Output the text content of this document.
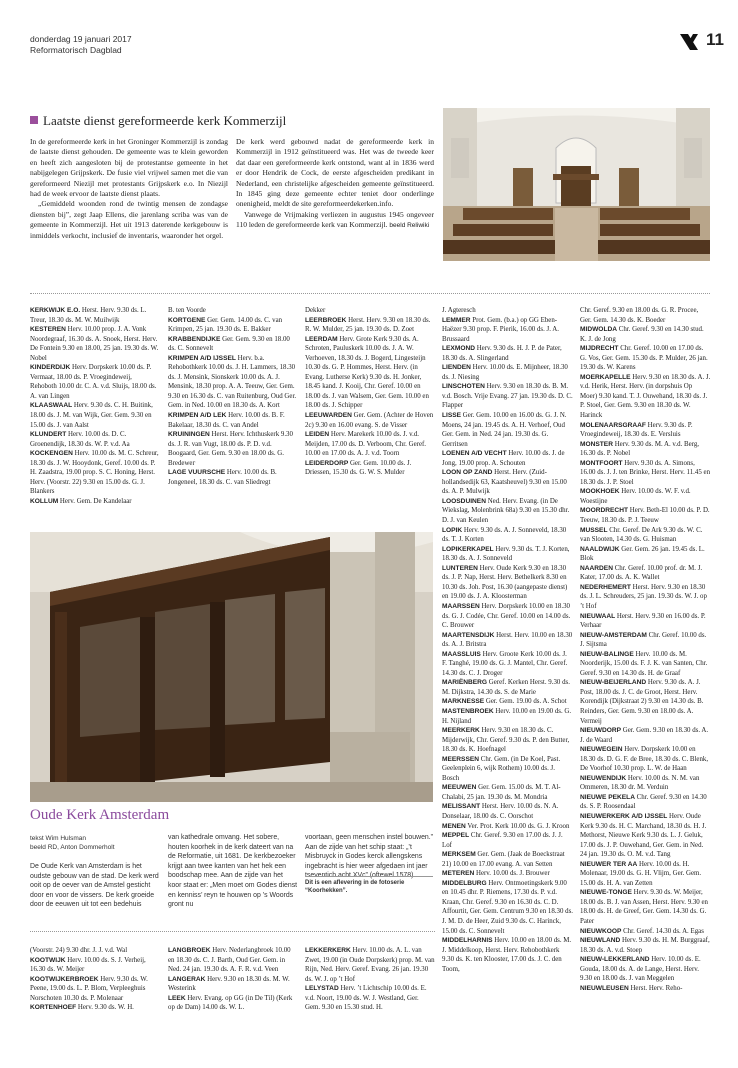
donderdag 19 januari 2017
Reformatorisch Dagblad
11
Laatste dienst gereformeerde kerk Kommerzijl

In de gereformeerde kerk in het Groninger Kommerzijl is zondag de laatste dienst gehouden. De gemeente was te klein geworden en heeft zich aangesloten bij de protestantse gemeente in het nabijgelegen Grijpskerk. De fusie viel vrijwel samen met die van gereformeerd Niezijl met protestants Grijpskerk e.o. In Niezijl had de week ervoor de laatste dienst plaats.

„Gemiddeld woonden rond de twintig mensen de zondagse diensten bij”, zegt Jaap Ellens, die jarenlang scriba was van de gemeente in Kommerzijl. Het uit 1913 daterende kerkgebouw is inmiddels verkocht, inclusief de inventaris, waaronder het orgel.

De kerk werd gebouwd nadat de gereformeerde kerk in Kommerzijl in 1912 geïnstitueerd was. Het was de tweede keer dat daar een gereformeerde kerk ontstond, want al in 1836 werd er door Hendrik de Cock, de eerste afgescheiden predikant in Nederland, een christelijke afgescheiden gemeente geïnstitueerd. In 1845 ging deze gemeente echter teniet door onderlinge onenigheid, meldt de site gereformeerdekerken.info.

Vanwege de Vrijmaking verliezen in augustus 1945 ongeveer 110 leden de gereformeerde kerk van Kommerzijl. beeld Reliwiki

KERKWIJK E.O. Herst. Herv. 9.30 ds. L. Treur, 18.30 ds. M. W. Muilwijk
KESTEREN Herv. 10.00 prop. J. A. Vonk Noordegraaf, 16.30 ds. A. Snoek, Herst. Herv. De Fontein 9.30 en 18.00, 25 jan. 19.30 ds. W. Nobel
KINDERDIJK Herv. Dorpskerk 10.00 ds. P. Vermaat, 18.00 ds. P. Vroegindeweij, Rehoboth 10.00 dr. C. A. v.d. Sluijs, 18.00 ds. A. van Lingen
KLAASWAAL Herv. 9.30 ds. C. H. Buitink, 18.00 ds. J. M. van Wijk, Ger. Gem. 9.30 en 15.00 ds. J. van Aalst
KLUNDERT Herv. 10.00 ds. D. C. Groenendijk, 18.30 ds. W. P. v.d. Aa
KOCKENGEN Herv. 10.00 ds. M. C. Schreur, 18.30 ds. J. W. Hooydonk, Geref. 10.00 ds. P. H. Zaadstra, 19.00 prop. S. C. Honing, Herst. Herv. (Voorstr. 22) 9.30 en 15.00 ds. G. J. Blankers
KOLLUM Herv. Gem. De Kandelaar
B. ten Voorde
KORTGENE Ger. Gem. 14.00 ds. C. van Krimpen, 25 jan. 19.30 ds. E. Bakker
KRABBENDIJKE Ger. Gem. 9.30 en 18.00 ds. C. Sonnevelt
KRIMPEN A/D IJSSEL Herv. b.a. Rehobothkerk 10.00 ds. J. H. Lammers, 18.30 ds. J. Mensink, Sionskerk 10.00 ds. A. J. Mensink, 18.30 prop. A. A. Teeuw, Ger. Gem. 9.30 en 16.30 ds. C. van Ruitenburg, Oud Ger. Gem. in Ned. 10.00 en 18.30 ds. A. Kort
KRIMPEN A/D LEK Herv. 10.00 ds. B. F. Bakelaar, 18.30 ds. C. van Andel
KRUININGEN Herst. Herv. Ichthuskerk 9.30 ds. J. R. van Vugt, 18.00 ds. P. D. v.d. Boogaard, Ger. Gem. 9.30 en 18.00 ds. G. Bredewег
LAGE VUURSCHE Herv. 10.00 ds. B. Jongeneel, 18.30 ds. C. van Sliedregt
Dekker
LEERBROEK Herst. Herv. 9.30 en 18.30 ds. R. W. Mulder, 25 jan. 19.30 ds. D. Zoet
LEERDAM Herv. Grote Kerk 9.30 ds. A. Schroten, Pauluskerk 10.00 ds. J. A. W. Verhoeven, 18.30 ds. J. Bogerd, Lingesteijn 10.30 ds. G. P. Hommes, Herst. Herv. (in Evang. Lutherse Kerk) 9.30 ds. H. Jonker, 18.45 kand. J. Kooij, Chr. Geref. 10.00 en 18.00 ds. J. van Walsem, Ger. Gem. 10.00 en 18.00 ds. J. Schipper
LEEUWARDEN Ger. Gem. (Achter de Hoven 2c) 9.30 en 16.00 evang. S. de Visser
LEIDEN Herv. Marekerk 10.00 ds. J. v.d. Meijden, 17.00 ds. D. Verboom, Chr. Geref. 10.00 en 17.00 ds. A. J. v.d. Toorn
LEIDERDORP Ger. Gem. 10.00 ds. J. Driessen, 15.30 ds. G. W. S. Mulder
J. Agteresch
LEMMER Prot. Gem. (b.a.) op GG Eben-Haëzer 9.30 prop. F. Pierik, 16.00 ds. J. A. Brussaard
LEXMOND Herv. 9.30 ds. H. J. P. de Pater, 18.30 ds. A. Slingerland
LIENDEN Herv. 10.00 ds. E. Mijnheer, 18.30 ds. J. Niesing
LINSCHOTEN Herv. 9.30 en 18.30 ds. B. M. v.d. Bosch. Vrije Evang. 27 jan. 19.30 ds. D. C. Flapper
LISSE Ger. Gem. 10.00 en 16.00 ds. G. J. N. Moens, 24 jan. 19.45 ds. A. H. Verhoef, Oud Ger. Gem. in Ned. 24 jan. 19.30 ds. G. Gerritsen
LOENEN A/D VECHT Herv. 10.00 ds. J. de Jong, 19.00 prop. A. Schouten
LOON OP ZAND Herst. Herv. (Zuid-hollandsedijk 63, Kaatsheuvel) 9.30 en 15.00 ds. A. P. Mulwijk
LOOSDUINEN Ned. Herv. Evang. (in De Wiekslag, Molenbrink 68a) 9.30 en 15.30 dhr. D. J. van Keulen
LOPIK Herv. 9.30 ds. A. J. Sonneveld, 18.30 ds. T. J. Korten
LOPIKERKAPEL Herv. 9.30 ds. T. J. Korten, 18.30 ds. A. J. Sonneveld
LUNTEREN Herv. Oude Kerk 9.30 en 18.30 ds. J. P. Nap, Herst. Herv. Bethelkerk 8.30 en 10.30 ds. Joh. Post, 16.30 (aangepaste dienst) en 19.00 ds. J. A. Kloosterman
MAARSSEN Herv. Dorpskerk 10.00 en 18.30 ds. G. J. Codée, Chr. Geref. 10.00 en 14.00 ds. C. Brouwer
MAARTENSDIJK Herst. Herv. 10.00 en 18.30 ds. A. J. Britstra
MAASSLUIS Herv. Groote Kerk 10.00 ds. J. F. Tanghé, 19.00 ds. G. J. Mantel, Chr. Geref. 14.30 ds. C. J. Droger
MARIËNBERG Geref. Kerken Herst. 9.30 ds. M. Dijkstra, 14.30 ds. S. de Marie
MARKNESSE Ger. Gem. 19.00 ds. A. Schot
MASTENBROEK Herv. 10.00 en 19.00 ds. G. H. Nijland
MEERKERK Herv. 9.30 en 18.30 ds. C. Mijderwijk, Chr. Geref. 9.30 ds. P. den Butter, 18.30 ds. K. Hoefnagel
MEERSSEN Chr. Gem. (in De Koel, Past. Geelenplein 6, wijk Rothem) 10.00 ds. J. Bosch
MEEUWEN Ger. Gem. 15.00 ds. M. T. Al-Chalabi, 25 jan. 19.30 ds. M. Mondria
MELISSANT Herst. Herv. 10.00 ds. N. A. Donselaar, 18.00 ds. C. Oorschot
MENEN Ver. Prot. Kerk 10.00 ds. G. J. Kroon
MEPPEL Chr. Geref. 9.30 en 17.00 ds. J. J. Lof
MERKSEM Ger. Gem. (Jaak de Boeckstraat 21) 10.00 en 17.00 evang. A. van Setten
METEREN Herv. 10.00 ds. J. Brouwer
MIDDELBURG Herv. Ontmoetingskerk 9.00 en 10.45 dhr. P. Riemens, 17.30 ds. P. v.d. Kraan, Chr. Geref. 9.30 en 16.30 ds. C. D. Affourtit, Ger. Gem. Centrum 9.30 en 18.30 ds. J. M. D. de Heer, Zuid 9.30 ds. C. Harinck, 15.00 ds. C. Sonnevelt
MIDDELHARNIS Herv. 10.00 en 18.00 ds. M. J. Middelkoop, Herst. Herv. Rehobothkerk 9.30 ds. K. ten Klooster, 17.00 ds. J. C. den Toom,
Chr. Geref. 9.30 en 18.00 ds. G. R. Procee, Ger. Gem. 14.30 ds. K. Boeder
MIDWOLDA Chr. Geref. 9.30 en 14.30 stud. K. J. de Jong
MIJDRECHT Chr. Geref. 10.00 en 17.00 ds. G. Vos, Ger. Gem. 15.30 ds. P. Mulder, 26 jan. 19.30 ds. W. Karens
MOERKAPELLE Herv. 9.30 en 18.30 ds. A. J. v.d. Herik, Herst. Herv. (in dorpshuis Op Moer) 9.30 kand. T. J. Ouwehand, 18.30 ds. J. P. Stoel, Ger. Gem. 9.30 en 18.30 ds. W. Harinck
MOLENAARSGRAAF Herv. 9.30 ds. P. Vroegindeweij, 18.30 ds. E. Versluis
MONSTER Herv. 9.30 ds. M. A. v.d. Berg, 16.30 ds. P. Nobel
MONTFOORT Herv. 9.30 ds. A. Simons, 16.00 ds. J. J. ten Brinke, Herst. Herv. 11.45 en 18.30 ds. J. P. Stoel
MOOKHOEK Herv. 10.00 ds. W. F. v.d. Woestijne
MOORDRECHT Herv. Beth-El 10.00 ds. P. D. Teeuw, 18.30 ds. P. J. Teeuw
MUSSEL Chr. Geref. De Ark 9.30 ds. W. C. van Slooten, 14.30 ds. G. Huisman
NAALDWIJK Ger. Gem. 26 jan. 19.45 ds. L. Blok
NAARDEN Chr. Geref. 10.00 prof. dr. M. J. Kater, 17.00 ds. A. K. Wallet
NEDERHEMERT Herst. Herv. 9.30 en 18.30 ds. J. L. Schreuders, 25 jan. 19.30 ds. W. J. op ’t Hof
NIEUWAAL Herst. Herv. 9.30 en 16.00 ds. P. Verhaar
NIEUW-AMSTERDAM Chr. Geref. 10.00 ds. J. Sijtsma
NIEUW-BALINGE Herv. 10.00 ds. M. Noorderijk, 15.00 ds. F. J. K. van Santen, Chr. Geref. 9.30 en 14.30 ds. H. de Graaf
NIEUW-BEIJERLAND Herv. 9.30 ds. A. J. Post, 18.00 ds. J. C. de Groot, Herst. Herv. Korendijk (Dijkstraat 2) 9.30 en 14.30 ds. B. Reinders, Ger. Gem. 9.30 en 18.00 ds. A. Vermeij
NIEUWDORP Ger. Gem. 9.30 en 18.30 ds. A. J. de Waard
NIEUWEGEIN Herv. Dorpskerk 10.00 en 18.30 ds. D. G. F. de Bree, 18.30 ds. C. Blenk, De Voorhof 10.30 prop. L. W. de Haan
NIEUWENDIJK Herv. 10.00 ds. N. M. van Ommeren, 18.30 dr. M. Verduin
NIEUWE PEKELA Chr. Geref. 9.30 en 14.30 ds. S. P. Roosendaal
NIEUWERKERK A/D IJSSEL Herv. Oude Kerk 9.30 ds. H. C. Marchand, 18.30 ds. H. J. Methorst, Nieuwe Kerk 9.30 ds. L. J. Geluk, 17.00 ds. J. P. Ouwehand, Ger. Gem. in Ned. 24 jan. 19.30 ds. O. M. v.d. Tang
NIEUWER TER AA Herv. 10.00 ds. H. Molenaar, 19.00 ds. G. H. Vlijm, Ger. Gem. 15.00 ds. H. A. van Zetten
NIEUWE-TONGE Herv. 9.30 ds. W. Meijer, 18.00 ds. B. J. van Assen, Herst. Herv. 9.30 en 18.00 ds. H. de Greef, Ger. Gem. 14.30 ds. G. Pater
NIEUWKOOP Chr. Geref. 14.30 ds. A. Egas
NIEUWLAND Herv. 9.30 ds. H. M. Burggraaf, 18.30 ds. A. v.d. Stoep
NIEUW-LEKKERLAND Herv. 10.00 ds. E. Gouda, 18.00 ds. A. de Lange, Herst. Herv. 9.30 en 18.00 ds. J. van Meggelen
NIEUWLEUSEN Herst. Herv. Reho-
Oude Kerk Amsterdam
tekst Wim Hulsman
beeld RD, Anton Dommerholt
De Oude Kerk van Amsterdam is het oudste gebouw van de stad. De kerk werd ooit op de oever van de Amstel gesticht door en voor de vissers. De kerk groeide door de eeuwen uit tot een bedehuis
van kathedrale omvang. Het sobere, houten koorhek in de kerk dateert van na de Reformatie, uit 1681. De kerkbezoeker krijgt aan twee kanten van het hek een boodschap mee. Aan de zijde van het koor staat er: „Men moet om Godes dienst en kenniss’ reyn te houwen op ’s Woords gront nu
voortaan, geen menschen instel bouwen.” Aan de zijde van het schip staat: „’t Misbruyck in Godes kerck allengskens ingebracht is hier weer afgedaen int jaer tseventich acht XVc” (oftewel 1578).
Dit is een aflevering in de fotoserie “Koorhekken”.
(Voorstr. 24) 9.30 dhr. J. J. v.d. Wal
KOOTWIJK Herv. 10.00 ds. S. J. Verheij, 16.30 ds. W. Meijer
KOOTWIJKERBROEK Herv. 9.30 ds. W. Peene, 19.00 ds. L. P. Blom, Verpleeghuis Norschoten 10.30 ds. P. Molenaar
KORTENHOEF Herv. 9.30 ds. W. H.
LANGBROEK Herv. Nederlangbroek 10.00 en 18.30 ds. C. J. Barth, Oud Ger. Gem. in Ned. 24 jan. 19.30 ds. A. F. R. v.d. Veen
LANGERAK Herv. 9.30 en 18.30 ds. M. W. Westerink
LEEK Herv. Evang. op GG (in De Til) (Kerk op de Dam) 14.00 ds. W. L.
LEKKERKERK Herv. 10.00 ds. A. L. van Zwet, 19.00 (in Oude Dorpskerk) prop. M. van Rijn, Ned. Herv. Geref. Evang. 26 jan. 19.30 ds. W. J. op ’t Hof
LELYSTAD Herv. ’t Lichtschip 10.00 ds. E. v.d. Noort, 19.00 ds. W. J. Westland, Ger. Gem. 9.30 en 15.30 stud. H.
